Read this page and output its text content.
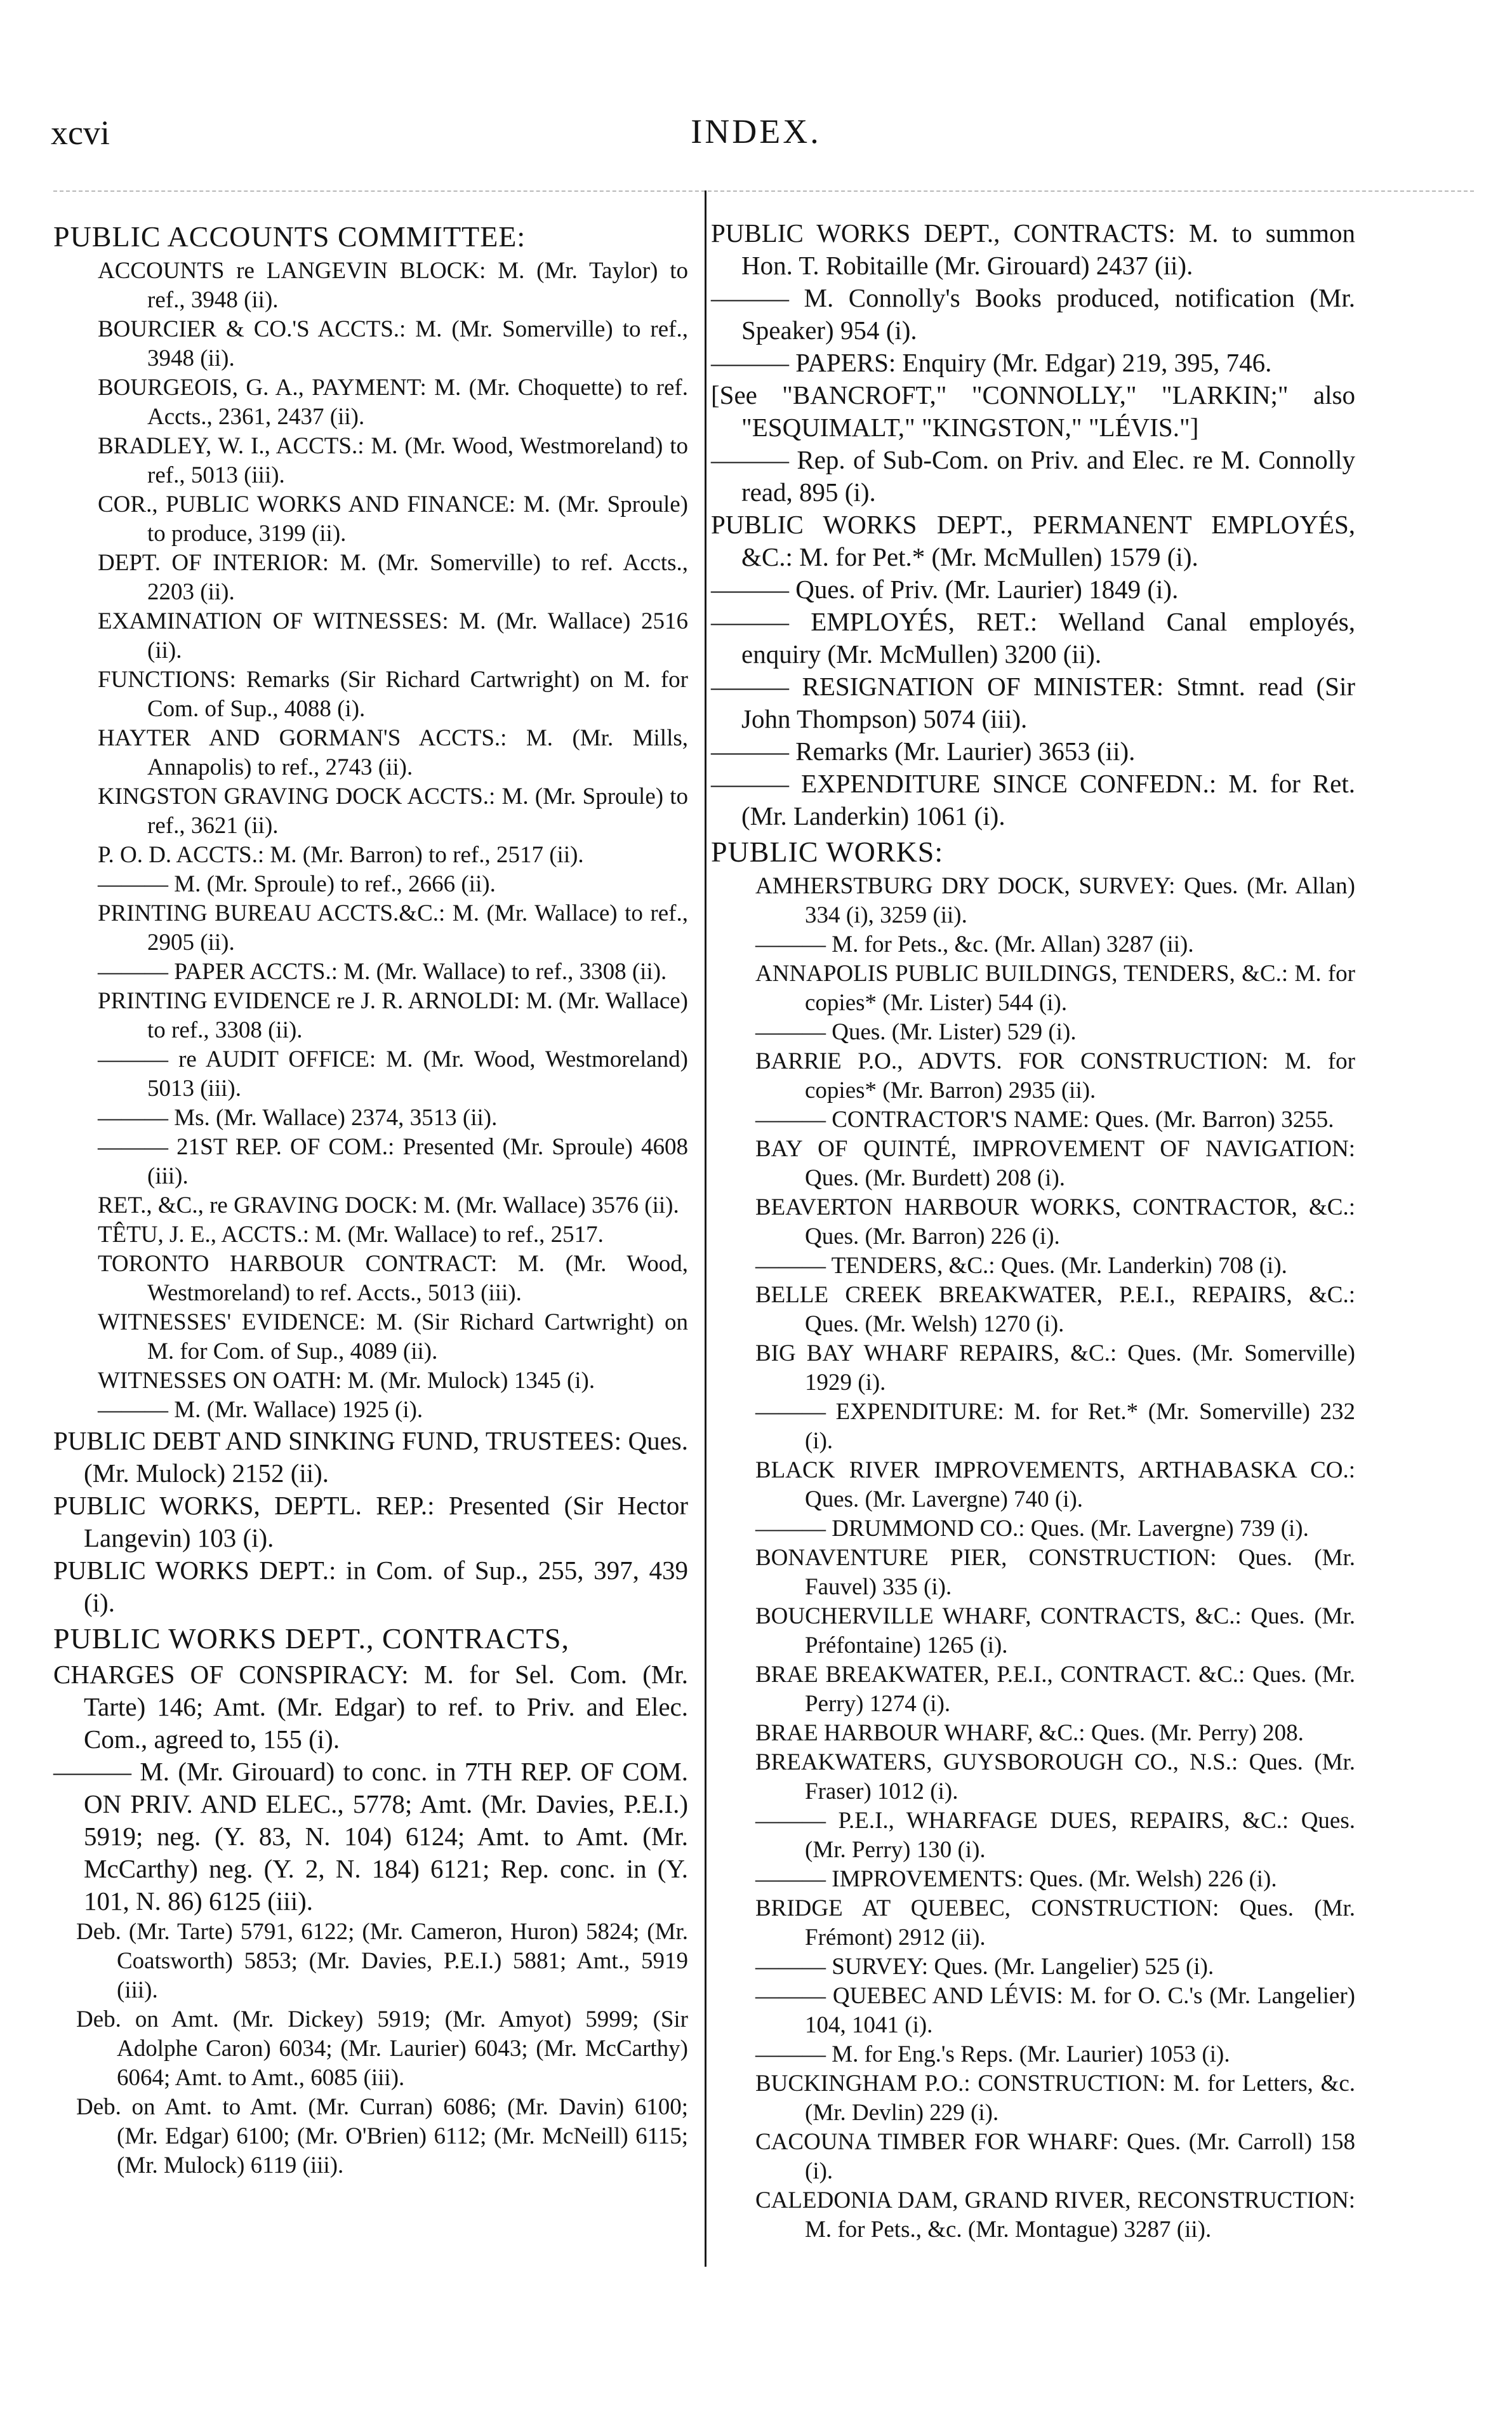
xcvi	INDEX.
PUBLIC ACCOUNTS COMMITTEE:
ACCOUNTS re LANGEVIN BLOCK: M. (Mr. Taylor) to ref., 3948 (ii).
BOURCIER & CO.'S ACCTS.: M. (Mr. Somerville) to ref., 3948 (ii).
BOURGEOIS, G. A., PAYMENT: M. (Mr. Choquette) to ref. Accts., 2361, 2437 (ii).
BRADLEY, W. I., ACCTS.: M. (Mr. Wood, Westmoreland) to ref., 5013 (iii).
COR., PUBLIC WORKS AND FINANCE: M. (Mr. Sproule) to produce, 3199 (ii).
DEPT. OF INTERIOR: M. (Mr. Somerville) to ref. Accts., 2203 (ii).
EXAMINATION OF WITNESSES: M. (Mr. Wallace) 2516 (ii).
FUNCTIONS: Remarks (Sir Richard Cartwright) on M. for Com. of Sup., 4088 (i).
HAYTER AND GORMAN'S ACCTS.: M. (Mr. Mills, Annapolis) to ref., 2743 (ii).
KINGSTON GRAVING DOCK ACCTS.: M. (Mr. Sproule) to ref., 3621 (ii).
P. O. D. ACCTS.: M. (Mr. Barron) to ref., 2517 (ii).
——— M. (Mr. Sproule) to ref., 2666 (ii).
PRINTING BUREAU ACCTS.&C.: M. (Mr. Wallace) to ref., 2905 (ii).
——— PAPER ACCTS.: M. (Mr. Wallace) to ref., 3308 (ii).
PRINTING EVIDENCE re J. R. ARNOLDI: M. (Mr. Wallace) to ref., 3308 (ii).
——— re AUDIT OFFICE: M. (Mr. Wood, Westmoreland) 5013 (iii).
——— Ms. (Mr. Wallace) 2374, 3513 (ii).
——— 21ST REP. OF COM.: Presented (Mr. Sproule) 4608 (iii).
RET., &C., re GRAVING DOCK: M. (Mr. Wallace) 3576 (ii).
TÊTU, J. E., ACCTS.: M. (Mr. Wallace) to ref., 2517.
TORONTO HARBOUR CONTRACT: M. (Mr. Wood, Westmoreland) to ref. Accts., 5013 (iii).
WITNESSES' EVIDENCE: M. (Sir Richard Cartwright) on M. for Com. of Sup., 4089 (ii).
WITNESSES ON OATH: M. (Mr. Mulock) 1345 (i).
——— M. (Mr. Wallace) 1925 (i).
PUBLIC DEBT AND SINKING FUND, TRUSTEES: Ques. (Mr. Mulock) 2152 (ii).
PUBLIC WORKS, DEPTL. REP.: Presented (Sir Hector Langevin) 103 (i).
PUBLIC WORKS DEPT.: in Com. of Sup., 255, 397, 439 (i).
PUBLIC WORKS DEPT., CONTRACTS,
CHARGES OF CONSPIRACY: M. for Sel. Com. (Mr. Tarte) 146; Amt. (Mr. Edgar) to ref. to Priv. and Elec. Com., agreed to, 155 (i).
——— M. (Mr. Girouard) to conc. in 7TH REP. OF COM. ON PRIV. AND ELEC., 5778; Amt. (Mr. Davies, P.E.I.) 5919; neg. (Y. 83, N. 104) 6124; Amt. to Amt. (Mr. McCarthy) neg. (Y. 2, N. 184) 6121; Rep. conc. in (Y. 101, N. 86) 6125 (iii).
Deb. (Mr. Tarte) 5791, 6122; (Mr. Cameron, Huron) 5824; (Mr. Coatsworth) 5853; (Mr. Davies, P.E.I.) 5881; Amt., 5919 (iii).
Deb. on Amt. (Mr. Dickey) 5919; (Mr. Amyot) 5999; (Sir Adolphe Caron) 6034; (Mr. Laurier) 6043; (Mr. McCarthy) 6064; Amt. to Amt., 6085 (iii).
Deb. on Amt. to Amt. (Mr. Curran) 6086; (Mr. Davin) 6100; (Mr. Edgar) 6100; (Mr. O'Brien) 6112; (Mr. McNeill) 6115; (Mr. Mulock) 6119 (iii).
PUBLIC WORKS DEPT., CONTRACTS: M. to summon Hon. T. Robitaille (Mr. Girouard) 2437 (ii).
——— M. Connolly's Books produced, notification (Mr. Speaker) 954 (i).
——— PAPERS: Enquiry (Mr. Edgar) 219, 395, 746.
[See "BANCROFT," "CONNOLLY," "LARKIN;" also "ESQUIMALT," "KINGSTON," "LÉVIS."]
——— Rep. of Sub-Com. on Priv. and Elec. re M. Connolly read, 895 (i).
PUBLIC WORKS DEPT., PERMANENT EMPLOYÉS, &C.: M. for Pet.* (Mr. McMullen) 1579 (i).
——— Ques. of Priv. (Mr. Laurier) 1849 (i).
——— EMPLOYÉS, RET.: Welland Canal employés, enquiry (Mr. McMullen) 3200 (ii).
——— RESIGNATION OF MINISTER: Stmnt. read (Sir John Thompson) 5074 (iii).
——— Remarks (Mr. Laurier) 3653 (ii).
——— EXPENDITURE SINCE CONFEDN.: M. for Ret. (Mr. Landerkin) 1061 (i).
PUBLIC WORKS:
AMHERSTBURG DRY DOCK, SURVEY: Ques. (Mr. Allan) 334 (i), 3259 (ii).
——— M. for Pets., &c. (Mr. Allan) 3287 (ii).
ANNAPOLIS PUBLIC BUILDINGS, TENDERS, &C.: M. for copies* (Mr. Lister) 544 (i).
——— Ques. (Mr. Lister) 529 (i).
BARRIE P.O., ADVTS. FOR CONSTRUCTION: M. for copies* (Mr. Barron) 2935 (ii).
——— CONTRACTOR'S NAME: Ques. (Mr. Barron) 3255.
BAY OF QUINTÉ, IMPROVEMENT OF NAVIGATION: Ques. (Mr. Burdett) 208 (i).
BEAVERTON HARBOUR WORKS, CONTRACTOR, &C.: Ques. (Mr. Barron) 226 (i).
——— TENDERS, &C.: Ques. (Mr. Landerkin) 708 (i).
BELLE CREEK BREAKWATER, P.E.I., REPAIRS, &C.: Ques. (Mr. Welsh) 1270 (i).
BIG BAY WHARF REPAIRS, &C.: Ques. (Mr. Somerville) 1929 (i).
——— EXPENDITURE: M. for Ret.* (Mr. Somerville) 232 (i).
BLACK RIVER IMPROVEMENTS, ARTHABASKA CO.: Ques. (Mr. Lavergne) 740 (i).
——— DRUMMOND CO.: Ques. (Mr. Lavergne) 739 (i).
BONAVENTURE PIER, CONSTRUCTION: Ques. (Mr. Fauvel) 335 (i).
BOUCHERVILLE WHARF, CONTRACTS, &C.: Ques. (Mr. Préfontaine) 1265 (i).
BRAE BREAKWATER, P.E.I., CONTRACT. &C.: Ques. (Mr. Perry) 1274 (i).
BRAE HARBOUR WHARF, &C.: Ques. (Mr. Perry) 208.
BREAKWATERS, GUYSBOROUGH CO., N.S.: Ques. (Mr. Fraser) 1012 (i).
——— P.E.I., WHARFAGE DUES, REPAIRS, &C.: Ques. (Mr. Perry) 130 (i).
——— IMPROVEMENTS: Ques. (Mr. Welsh) 226 (i).
BRIDGE AT QUEBEC, CONSTRUCTION: Ques. (Mr. Frémont) 2912 (ii).
——— SURVEY: Ques. (Mr. Langelier) 525 (i).
——— QUEBEC AND LÉVIS: M. for O. C.'s (Mr. Langelier) 104, 1041 (i).
——— M. for Eng.'s Reps. (Mr. Laurier) 1053 (i).
BUCKINGHAM P.O.: CONSTRUCTION: M. for Letters, &c. (Mr. Devlin) 229 (i).
CACOUNA TIMBER FOR WHARF: Ques. (Mr. Carroll) 158 (i).
CALEDONIA DAM, GRAND RIVER, RECONSTRUCTION: M. for Pets., &c. (Mr. Montague) 3287 (ii).
